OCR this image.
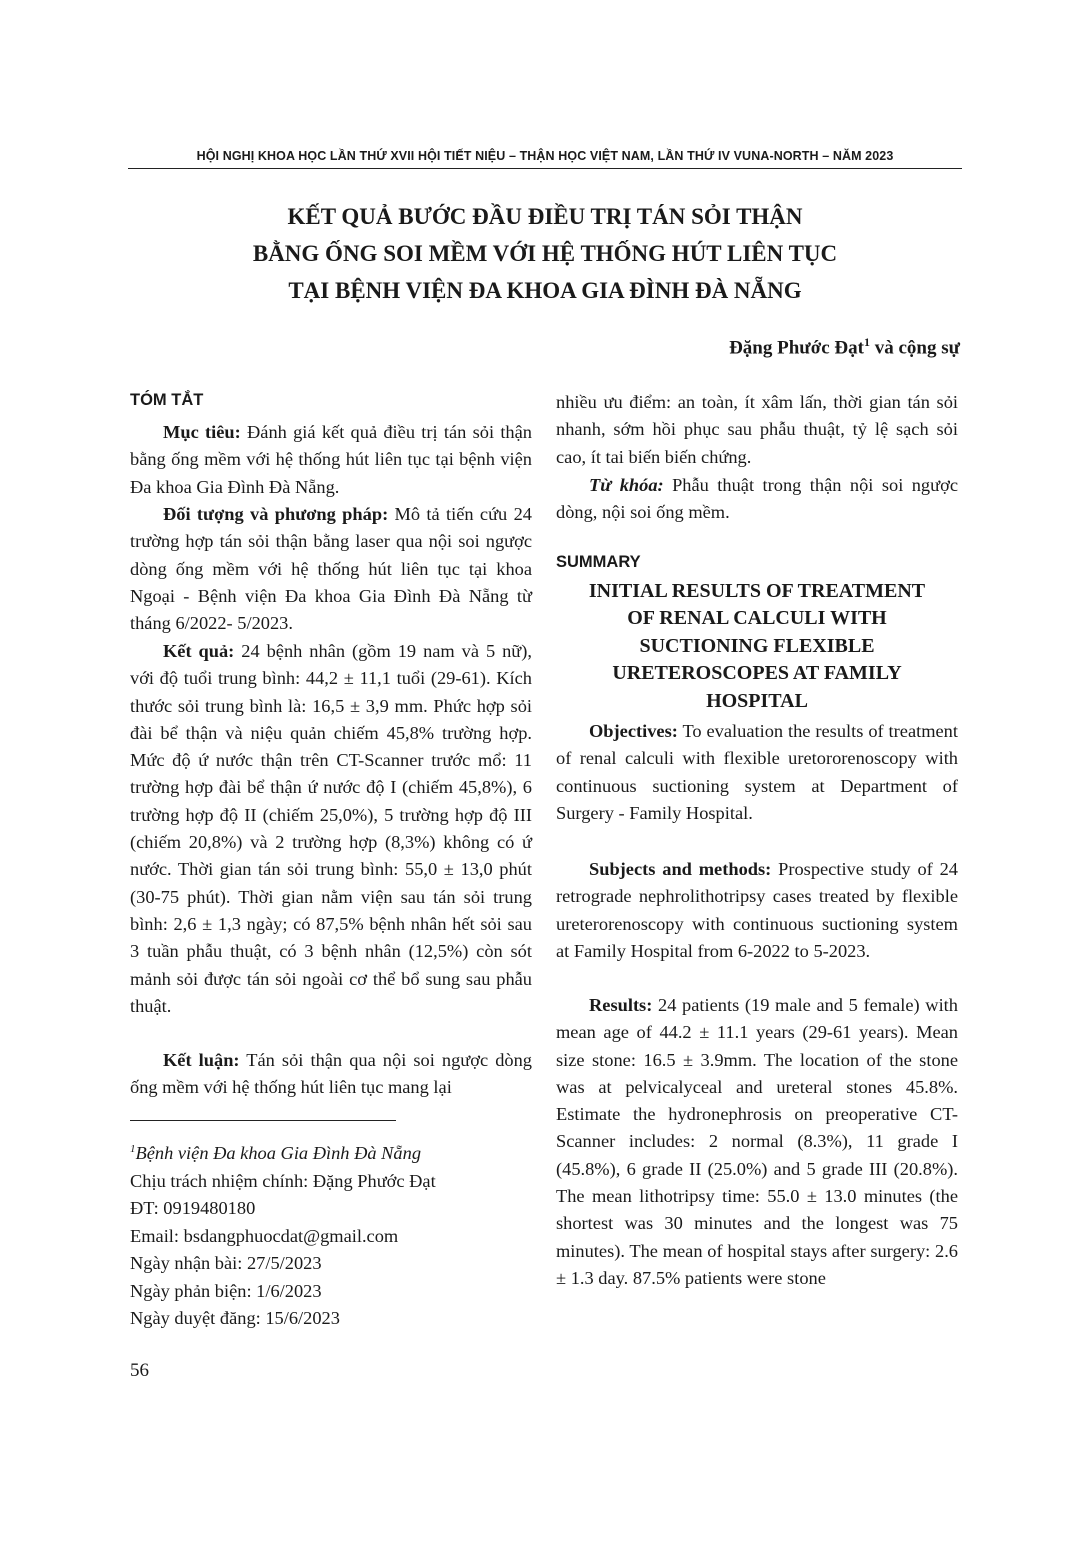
HỘI NGHỊ KHOA HỌC LẦN THỨ XVII HỘI TIẾT NIỆU – THẬN HỌC VIỆT NAM, LẦN THỨ IV VUNA-NORTH – NĂM 2023
KẾT QUẢ BƯỚC ĐẦU ĐIỀU TRỊ TÁN SỎI THẬN
BẰNG ỐNG SOI MỀM VỚI HỆ THỐNG HÚT LIÊN TỤC
TẠI BỆNH VIỆN ĐA KHOA GIA ĐÌNH ĐÀ NẴNG
Đặng Phước Đạt$^1$ và cộng sự
TÓM TẮT

Mục tiêu: Đánh giá kết quả điều trị tán sỏi thận bằng ống mềm với hệ thống hút liên tục tại bệnh viện Đa khoa Gia Đình Đà Nẵng.

Đối tượng và phương pháp: Mô tả tiến cứu 24 trường hợp tán sỏi thận bằng laser qua nội soi ngược dòng ống mềm với hệ thống hút liên tục tại khoa Ngoại - Bệnh viện Đa khoa Gia Đình Đà Nẵng từ tháng 6/2022- 5/2023.

Kết quả: 24 bệnh nhân (gồm 19 nam và 5 nữ), với độ tuổi trung bình: 44,2 ± 11,1 tuổi (29-61). Kích thước sỏi trung bình là: 16,5 ± 3,9 mm. Phức hợp sỏi đài bể thận và niệu quản chiếm 45,8% trường hợp. Mức độ ứ nước thận trên CT-Scanner trước mổ: 11 trường hợp đài bể thận ứ nước độ I (chiếm 45,8%), 6 trường hợp độ II (chiếm 25,0%), 5 trường hợp độ III (chiếm 20,8%) và 2 trường hợp (8,3%) không có ứ nước. Thời gian tán sỏi trung bình: 55,0 ± 13,0 phút (30-75 phút). Thời gian nằm viện sau tán sỏi trung bình: 2,6 ± 1,3 ngày; có 87,5% bệnh nhân hết sỏi sau 3 tuần phẫu thuật, có 3 bệnh nhân (12,5%) còn sót mảnh sỏi được tán sỏi ngoài cơ thể bổ sung sau phẫu thuật.

Kết luận: Tán sỏi thận qua nội soi ngược dòng ống mềm với hệ thống hút liên tục mang lại

$^1$Bệnh viện Đa khoa Gia Đình Đà Nẵng
Chịu trách nhiệm chính: Đặng Phước Đạt
ĐT: 0919480180
Email: bsdangphuocdat@gmail.com
Ngày nhận bài: 27/5/2023
Ngày phản biện: 1/6/2023
Ngày duyệt đăng: 15/6/2023
56

nhiều ưu điểm: an toàn, ít xâm lấn, thời gian tán sỏi nhanh, sớm hồi phục sau phẫu thuật, tỷ lệ sạch sỏi cao, ít tai biến biến chứng.

Từ khóa: Phẫu thuật trong thận nội soi ngược dòng, nội soi ống mềm.

SUMMARY
INITIAL RESULTS OF TREATMENT
OF RENAL CALCULI WITH
SUCTIONING FLEXIBLE
URETEROSCOPES AT FAMILY
HOSPITAL

Objectives: To evaluation the results of treatment of renal calculi with flexible uretororenoscopy with continuous suctioning system at Department of Surgery - Family Hospital.

Subjects and methods: Prospective study of 24 retrograde nephrolithotripsy cases treated by flexible ureterorenoscopy with continuous suctioning system at Family Hospital from 6-2022 to 5-2023.

Results: 24 patients (19 male and 5 female) with mean age of 44.2 ± 11.1 years (29-61 years). Mean size stone: 16.5 ± 3.9mm. The location of the stone was at pelvicalyceal and ureteral stones 45.8%. Estimate the hydronephrosis on preoperative CT-Scanner includes: 2 normal (8.3%), 11 grade I (45.8%), 6 grade II (25.0%) and 5 grade III (20.8%). The mean lithotripsy time: 55.0 ± 13.0 minutes (the shortest was 30 minutes and the longest was 75 minutes). The mean of hospital stays after surgery: 2.6 ± 1.3 day. 87.5% patients were stone
